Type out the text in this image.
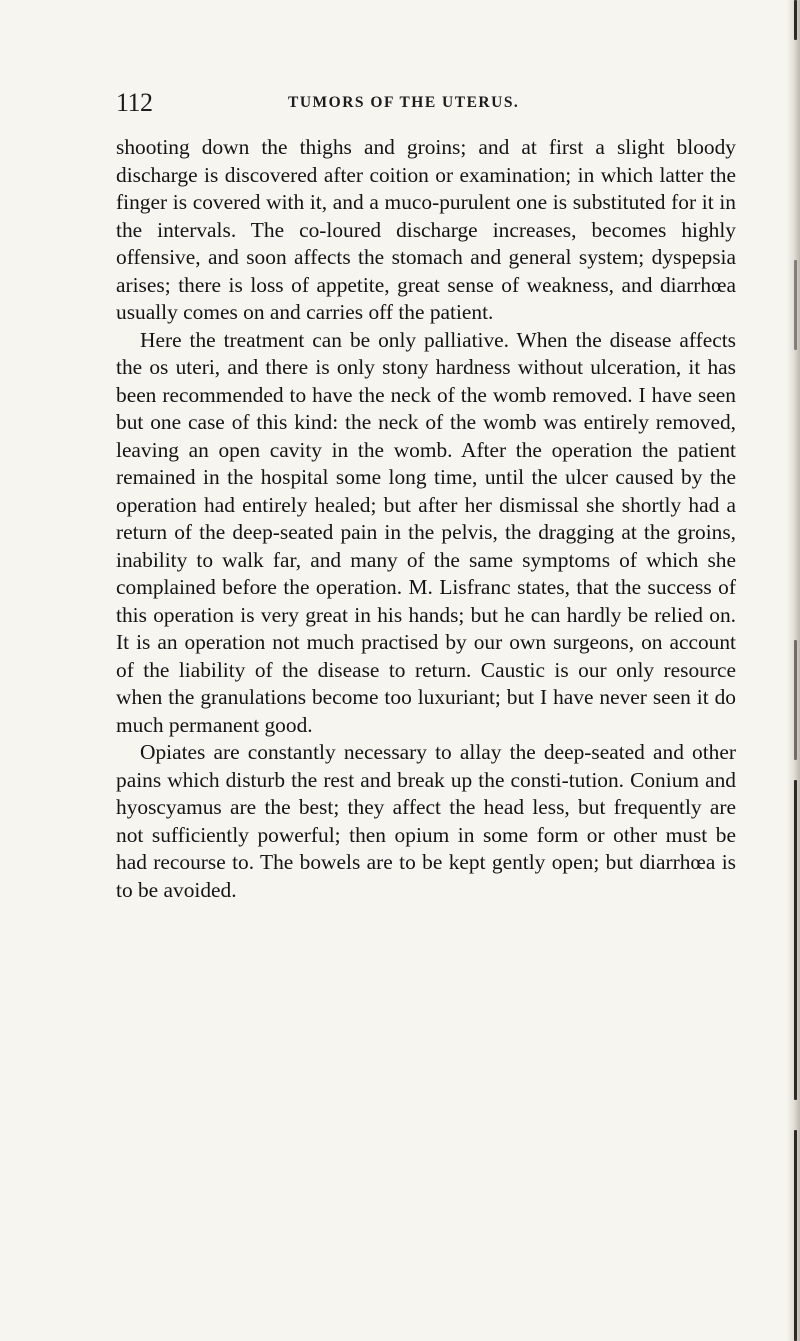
112	TUMORS OF THE UTERUS.

shooting down the thighs and groins; and at first a slight bloody discharge is discovered after coition or examination; in which latter the finger is covered with it, and a muco-purulent one is substituted for it in the intervals. The co-loured discharge increases, becomes highly offensive, and soon affects the stomach and general system; dyspepsia arises; there is loss of appetite, great sense of weakness, and diarrhœa usually comes on and carries off the patient.

Here the treatment can be only palliative. When the disease affects the os uteri, and there is only stony hardness without ulceration, it has been recommended to have the neck of the womb removed. I have seen but one case of this kind: the neck of the womb was entirely removed, leaving an open cavity in the womb. After the operation the patient remained in the hospital some long time, until the ulcer caused by the operation had entirely healed; but after her dismissal she shortly had a return of the deep-seated pain in the pelvis, the dragging at the groins, inability to walk far, and many of the same symptoms of which she complained before the operation. M. Lisfranc states, that the success of this operation is very great in his hands; but he can hardly be relied on. It is an operation not much practised by our own surgeons, on account of the liability of the disease to return. Caustic is our only resource when the granulations become too luxuriant; but I have never seen it do much permanent good.

Opiates are constantly necessary to allay the deep-seated and other pains which disturb the rest and break up the consti-tution. Conium and hyoscyamus are the best; they affect the head less, but frequently are not sufficiently powerful; then opium in some form or other must be had recourse to. The bowels are to be kept gently open; but diarrhœa is to be avoided.
